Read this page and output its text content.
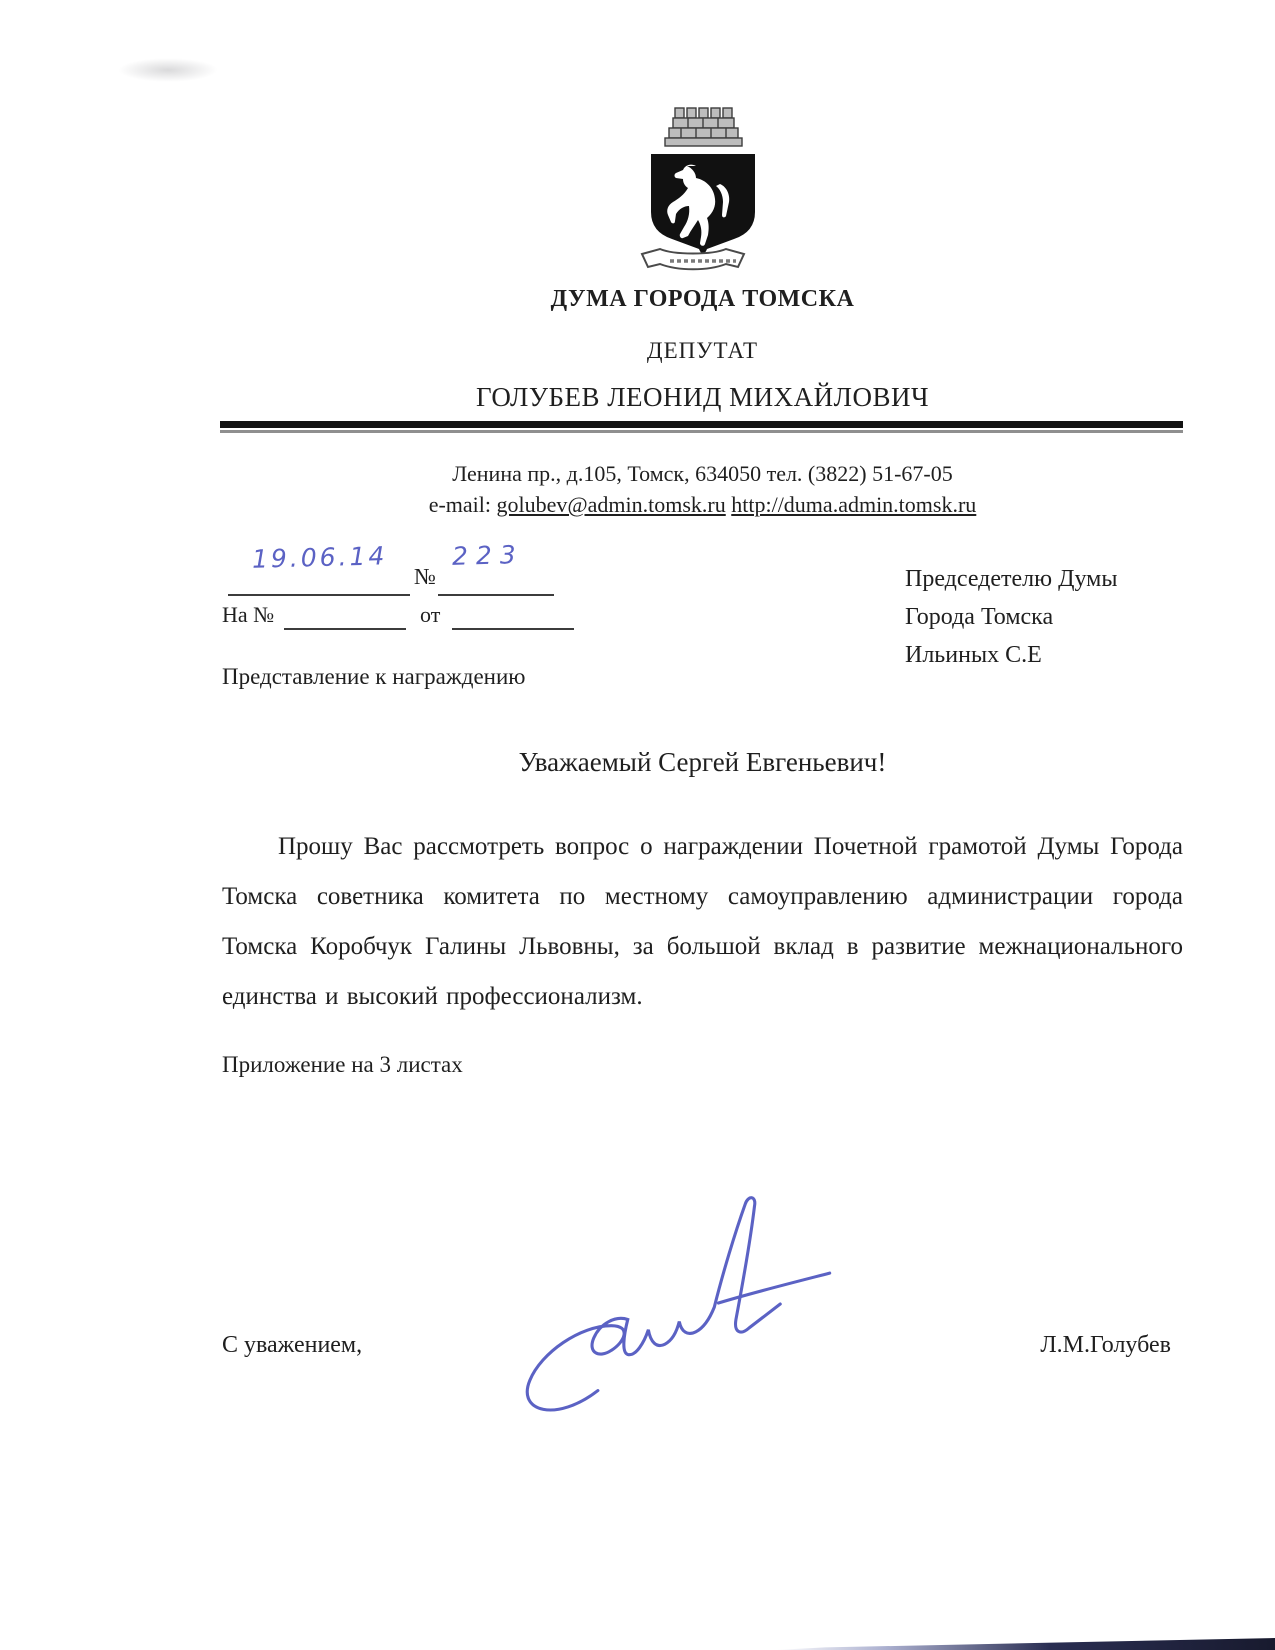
ДУМА ГОРОДА ТОМСКА
ДЕПУТАТ
ГОЛУБЕВ ЛЕОНИД МИХАЙЛОВИЧ
Ленина пр., д.105, Томск, 634050 тел. (3822) 51-67-05
e-mail: golubev@admin.tomsk.ru http://duma.admin.tomsk.ru
19.06.14
№
223
На №	от
Представление к награждению
Председетелю Думы
Города Томска
Ильиных С.Е
Уважаемый Сергей Евгеньевич!

Прошу Вас рассмотреть вопрос о награждении Почетной грамотой Думы Города Томска советника комитета по местному самоуправлению администрации города Томска Коробчук Галины Львовны, за большой вклад в развитие межнационального единства и высокий профессионализм.

Приложение на 3 листах
С уважением,	Л.М.Голубев
